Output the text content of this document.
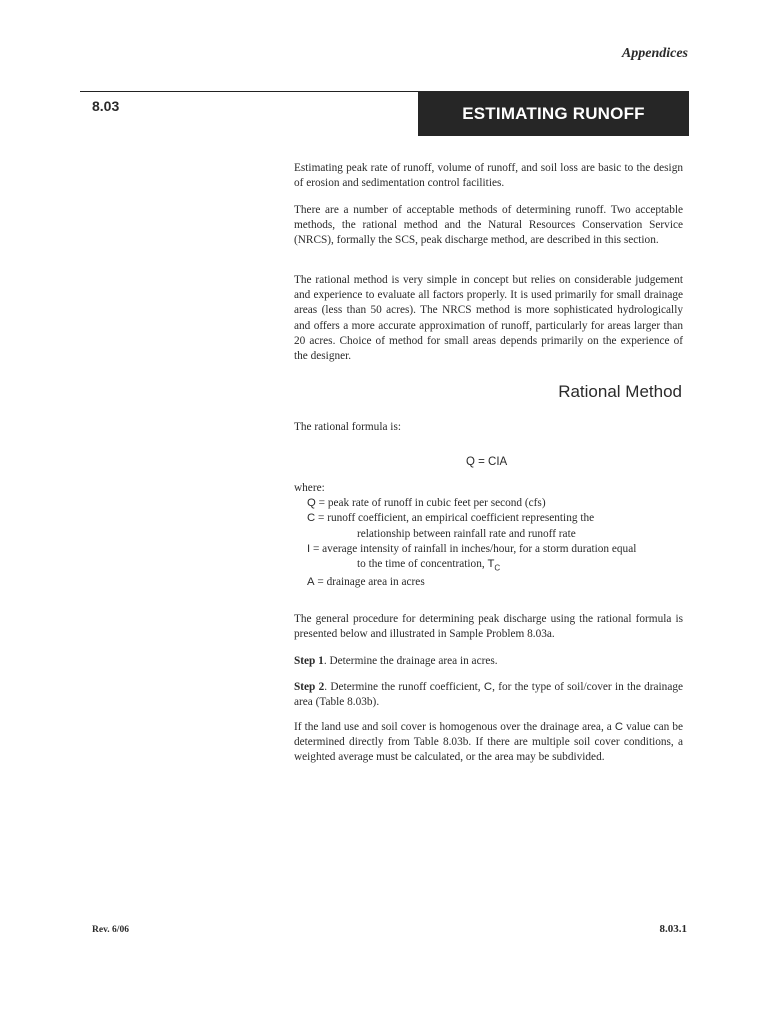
Appendices
8.03	ESTIMATING RUNOFF

Estimating peak rate of runoff, volume of runoff, and soil loss are basic to the design of erosion and sedimentation control facilities.

There are a number of acceptable methods of determining runoff. Two acceptable methods, the rational method and the Natural Resources Conservation Service (NRCS), formally the SCS, peak discharge method, are described in this section.

The rational method is very simple in concept but relies on considerable judgement and experience to evaluate all factors properly. It is used primarily for small drainage areas (less than 50 acres). The NRCS method is more sophisticated hydrologically and offers a more accurate approximation of runoff, particularly for areas larger than 20 acres. Choice of method for small areas depends primarily on the experience of the designer.

Rational Method
The rational formula is:
Q = CIA

where:

Q = peak rate of runoff in cubic feet per second (cfs)

C = runoff coefficient, an empirical coefficient representing the

relationship between rainfall rate and runoff rate

I = average intensity of rainfall in inches/hour, for a storm duration equal

to the time of concentration, $T_C$

A = drainage area in acres

The general procedure for determining peak discharge using the rational formula is presented below and illustrated in Sample Problem 8.03a.

Step 1. Determine the drainage area in acres.

Step 2. Determine the runoff coefficient, C, for the type of soil/cover in the drainage area (Table 8.03b).

If the land use and soil cover is homogenous over the drainage area, a C value can be determined directly from Table 8.03b. If there are multiple soil cover conditions, a weighted average must be calculated, or the area may be subdivided.

Rev. 6/06	8.03.1
